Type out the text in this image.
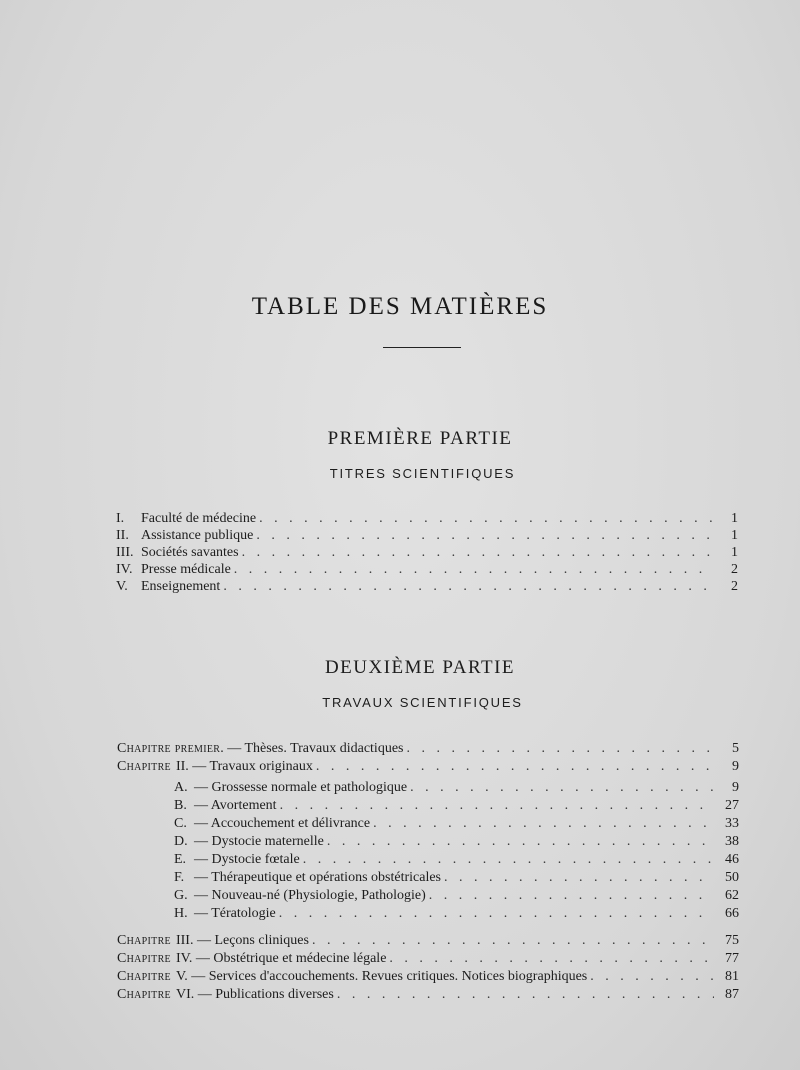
TABLE DES MATIÈRES
PREMIÈRE PARTIE
TITRES SCIENTIFIQUES
I. Faculté de médecine . . .	1
II. Assistance publique . . .	1
III. Sociétés savantes . . .	1
IV. Presse médicale . . .	2
V. Enseignement . . .	2
DEUXIÈME PARTIE
TRAVAUX SCIENTIFIQUES
Chapitre premier. — Thèses. Travaux didactiques . . .	5
Chapitre II. — Travaux originaux . . .	9
A. — Grossesse normale et pathologique . . .	9
B. — Avortement . . .	27
C. — Accouchement et délivrance . . .	33
D. — Dystocie maternelle . . .	38
E. — Dystocie fœtale . . .	46
F. — Thérapeutique et opérations obstétricales . . .	50
G. — Nouveau-né (Physiologie, Pathologie) . . .	62
H. — Tératologie . . .	66
Chapitre III. — Leçons cliniques . . .	75
Chapitre IV. — Obstétrique et médecine légale . . .	77
Chapitre V. — Services d'accouchements. Revues critiques. Notices biographiques . . .	81
Chapitre VI. — Publications diverses . . .	87
